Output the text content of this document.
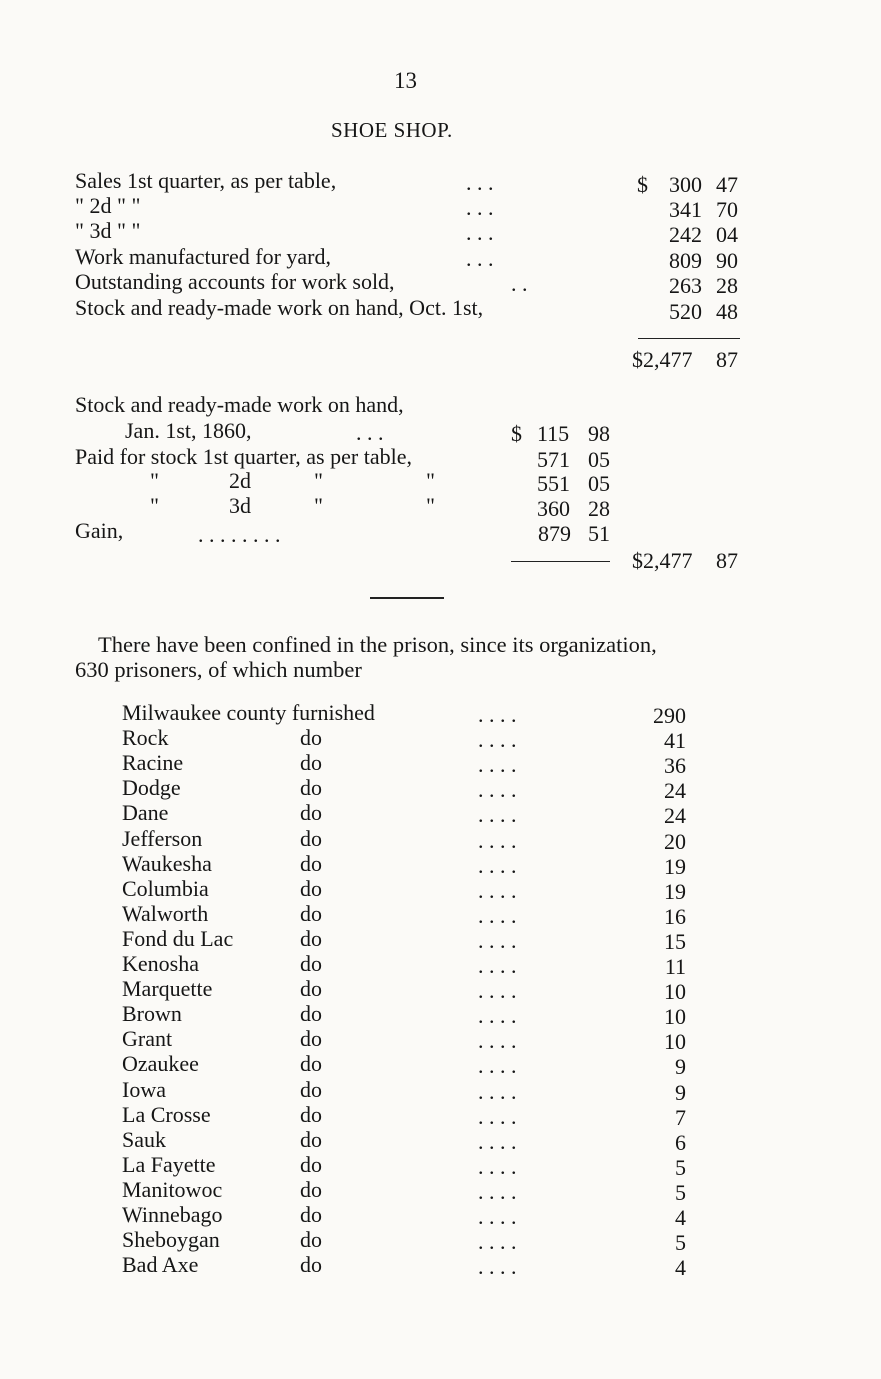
13
SHOE SHOP.
Sales 1st quarter, as per table,	. . .	$ 300 47
" 2d " "	. . .	341 70
" 3d " "	. . .	242 04
Work manufactured for yard,	. . .	809 90
Outstanding accounts for work sold,	. .	263 28
Stock and ready-made work on hand, Oct. 1st,	520 48
$2,477 87
Stock and ready-made work on hand,
Jan. 1st, 1860,	. . .	$ 115 98
Paid for stock 1st quarter, as per table,	571 05
"	2d	"	"	551 05
"	3d	"	"	360 28
Gain,	. . . . . . . .	879 51
$2,477 87
There have been confined in the prison, since its organization,
630 prisoners, of which number
Milwaukee county furnished	. . . .	290
Rock	do	. . . .	41
Racine	do	. . . .	36
Dodge	do	. . . .	24
Dane	do	. . . .	24
Jefferson	do	. . . .	20
Waukesha	do	. . . .	19
Columbia	do	. . . .	19
Walworth	do	. . . .	16
Fond du Lac	do	. . . .	15
Kenosha	do	. . . .	11
Marquette	do	. . . .	10
Brown	do	. . . .	10
Grant	do	. . . .	10
Ozaukee	do	. . . .	9
Iowa	do	. . . .	9
La Crosse	do	. . . .	7
Sauk	do	. . . .	6
La Fayette	do	. . . .	5
Manitowoc	do	. . . .	5
Winnebago	do	. . . .	4
Sheboygan	do	. . . .	5
Bad Axe	do	. . . .	4
